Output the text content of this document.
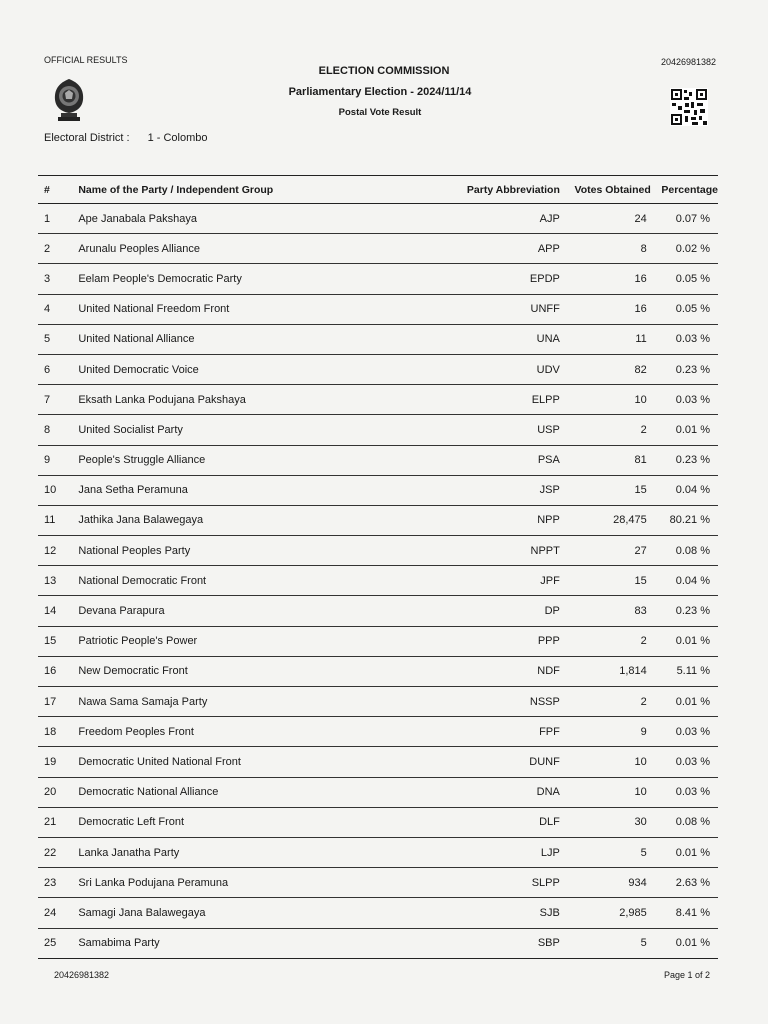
OFFICIAL RESULTS	20426981382
ELECTION COMMISSION
Parliamentary Election - 2024/11/14
Postal Vote Result
Electoral District : 1 - Colombo
#	Name of the Party / Independent Group	Party Abbreviation	Votes Obtained	Percentage
1	Ape Janabala Pakshaya	AJP	24	0.07 %
2	Arunalu Peoples Alliance	APP	8	0.02 %
3	Eelam People's Democratic Party	EPDP	16	0.05 %
4	United National Freedom Front	UNFF	16	0.05 %
5	United National Alliance	UNA	11	0.03 %
6	United Democratic Voice	UDV	82	0.23 %
7	Eksath Lanka Podujana Pakshaya	ELPP	10	0.03 %
8	United Socialist Party	USP	2	0.01 %
9	People's Struggle Alliance	PSA	81	0.23 %
10	Jana Setha Peramuna	JSP	15	0.04 %
11	Jathika Jana Balawegaya	NPP	28,475	80.21 %
12	National Peoples Party	NPPT	27	0.08 %
13	National Democratic Front	JPF	15	0.04 %
14	Devana Parapura	DP	83	0.23 %
15	Patriotic People's Power	PPP	2	0.01 %
16	New Democratic Front	NDF	1,814	5.11 %
17	Nawa Sama Samaja Party	NSSP	2	0.01 %
18	Freedom Peoples Front	FPF	9	0.03 %
19	Democratic United National Front	DUNF	10	0.03 %
20	Democratic National Alliance	DNA	10	0.03 %
21	Democratic Left Front	DLF	30	0.08 %
22	Lanka Janatha Party	LJP	5	0.01 %
23	Sri Lanka Podujana Peramuna	SLPP	934	2.63 %
24	Samagi Jana Balawegaya	SJB	2,985	8.41 %
25	Samabima Party	SBP	5	0.01 %
20426981382	Page 1 of 2
